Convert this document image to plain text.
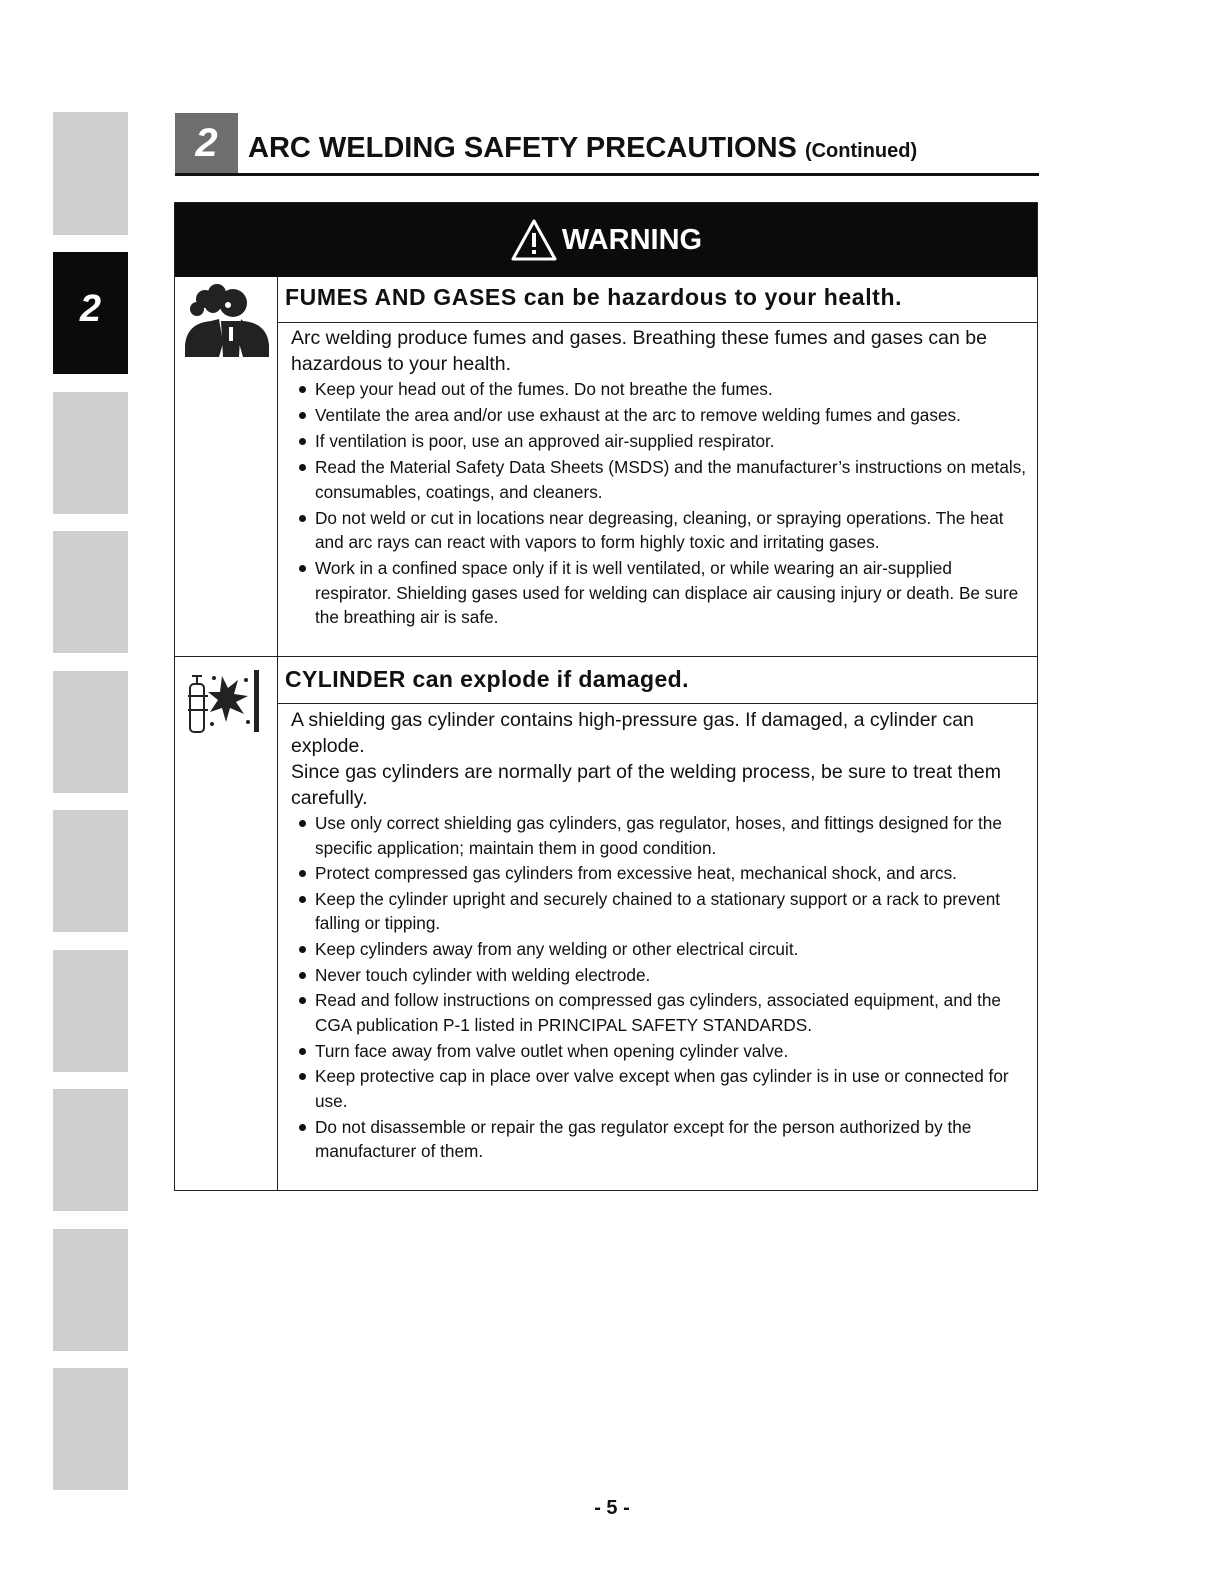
2
2	ARC WELDING SAFETY PRECAUTIONS (Continued)
WARNING
FUMES AND GASES can be hazardous to your health.

Arc welding produce fumes and gases. Breathing these fumes and gases can be hazardous to your health.

Keep your head out of the fumes. Do not breathe the fumes.
Ventilate the area and/or use exhaust at the arc to remove welding fumes and gases.
If ventilation is poor, use an approved air-supplied respirator.
Read the Material Safety Data Sheets (MSDS) and the manufacturer’s instructions on metals, consumables, coatings, and cleaners.
Do not weld or cut in locations near degreasing, cleaning, or spraying operations. The heat and arc rays can react with vapors to form highly toxic and irritating gases.
Work in a confined space only if it is well ventilated, or while wearing an air-supplied respirator. Shielding gases used for welding can displace air causing injury or death. Be sure the breathing air is safe.
CYLINDER can explode if damaged.

A shielding gas cylinder contains high-pressure gas. If damaged, a cylinder can explode.

Since gas cylinders are normally part of the welding process, be sure to treat them carefully.

Use only correct shielding gas cylinders, gas regulator, hoses, and fittings designed for the specific application; maintain them in good condition.
Protect compressed gas cylinders from excessive heat, mechanical shock, and arcs.
Keep the cylinder upright and securely chained to a stationary support or a rack to prevent falling or tipping.
Keep cylinders away from any welding or other electrical circuit.
Never touch cylinder with welding electrode.
Read and follow instructions on compressed gas cylinders, associated equipment, and the CGA publication P-1 listed in PRINCIPAL SAFETY STANDARDS.
Turn face away from valve outlet when opening cylinder valve.
Keep protective cap in place over valve except when gas cylinder is in use or connected for use.
Do not disassemble or repair the gas regulator except for the person authorized by the manufacturer of them.
- 5 -
